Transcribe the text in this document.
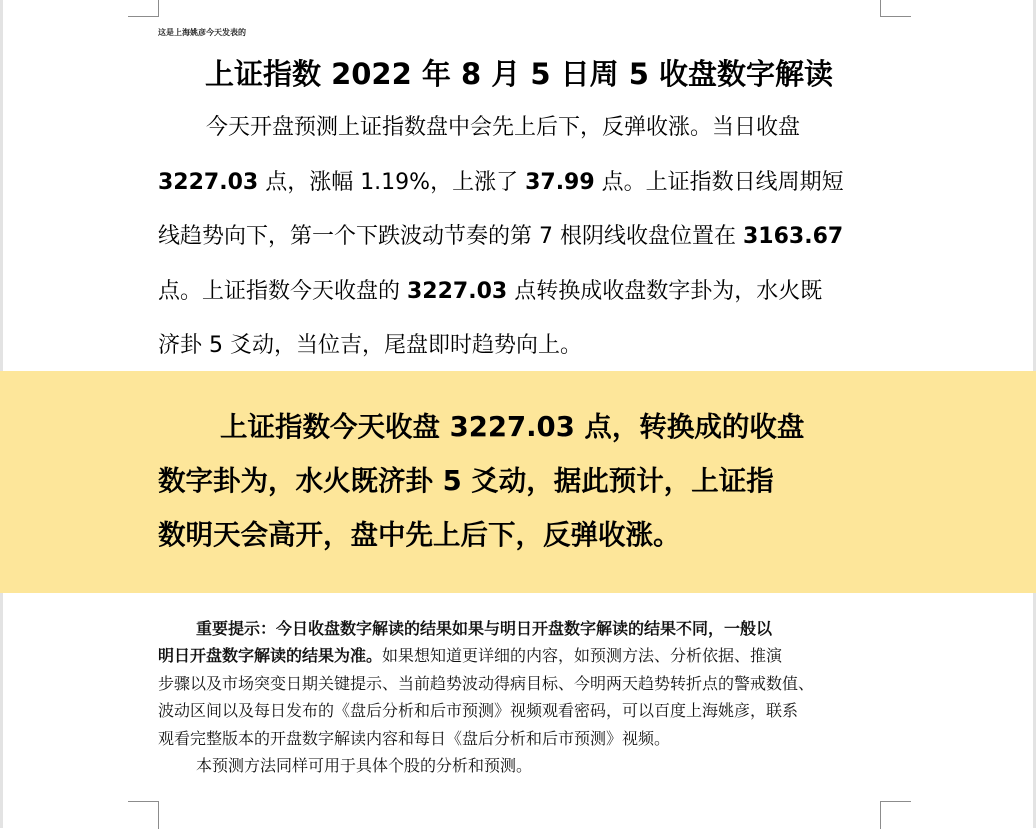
这是上海姚彦今天发表的
上证指数 2022 年 8 月 5 日周 5 收盘数字解读
今天开盘预测上证指数盘中会先上后下，反弹收涨。当日收盘
3227.03 点，涨幅 1.19%，上涨了 37.99 点。上证指数日线周期短
线趋势向下，第一个下跌波动节奏的第 7 根阴线收盘位置在 3163.67
点。上证指数今天收盘的 3227.03 点转换成收盘数字卦为，水火既
济卦 5 爻动，当位吉，尾盘即时趋势向上。
上证指数今天收盘 3227.03 点，转换成的收盘
数字卦为，水火既济卦 5 爻动，据此预计，上证指
数明天会高开，盘中先上后下，反弹收涨。
重要提示：今日收盘数字解读的结果如果与明日开盘数字解读的结果不同，一般以
明日开盘数字解读的结果为准。如果想知道更详细的内容，如预测方法、分析依据、推演
步骤以及市场突变日期关键提示、当前趋势波动得病目标、今明两天趋势转折点的警戒数值、
波动区间以及每日发布的《盘后分析和后市预测》视频观看密码，可以百度上海姚彦，联系
观看完整版本的开盘数字解读内容和每日《盘后分析和后市预测》视频。
本预测方法同样可用于具体个股的分析和预测。
